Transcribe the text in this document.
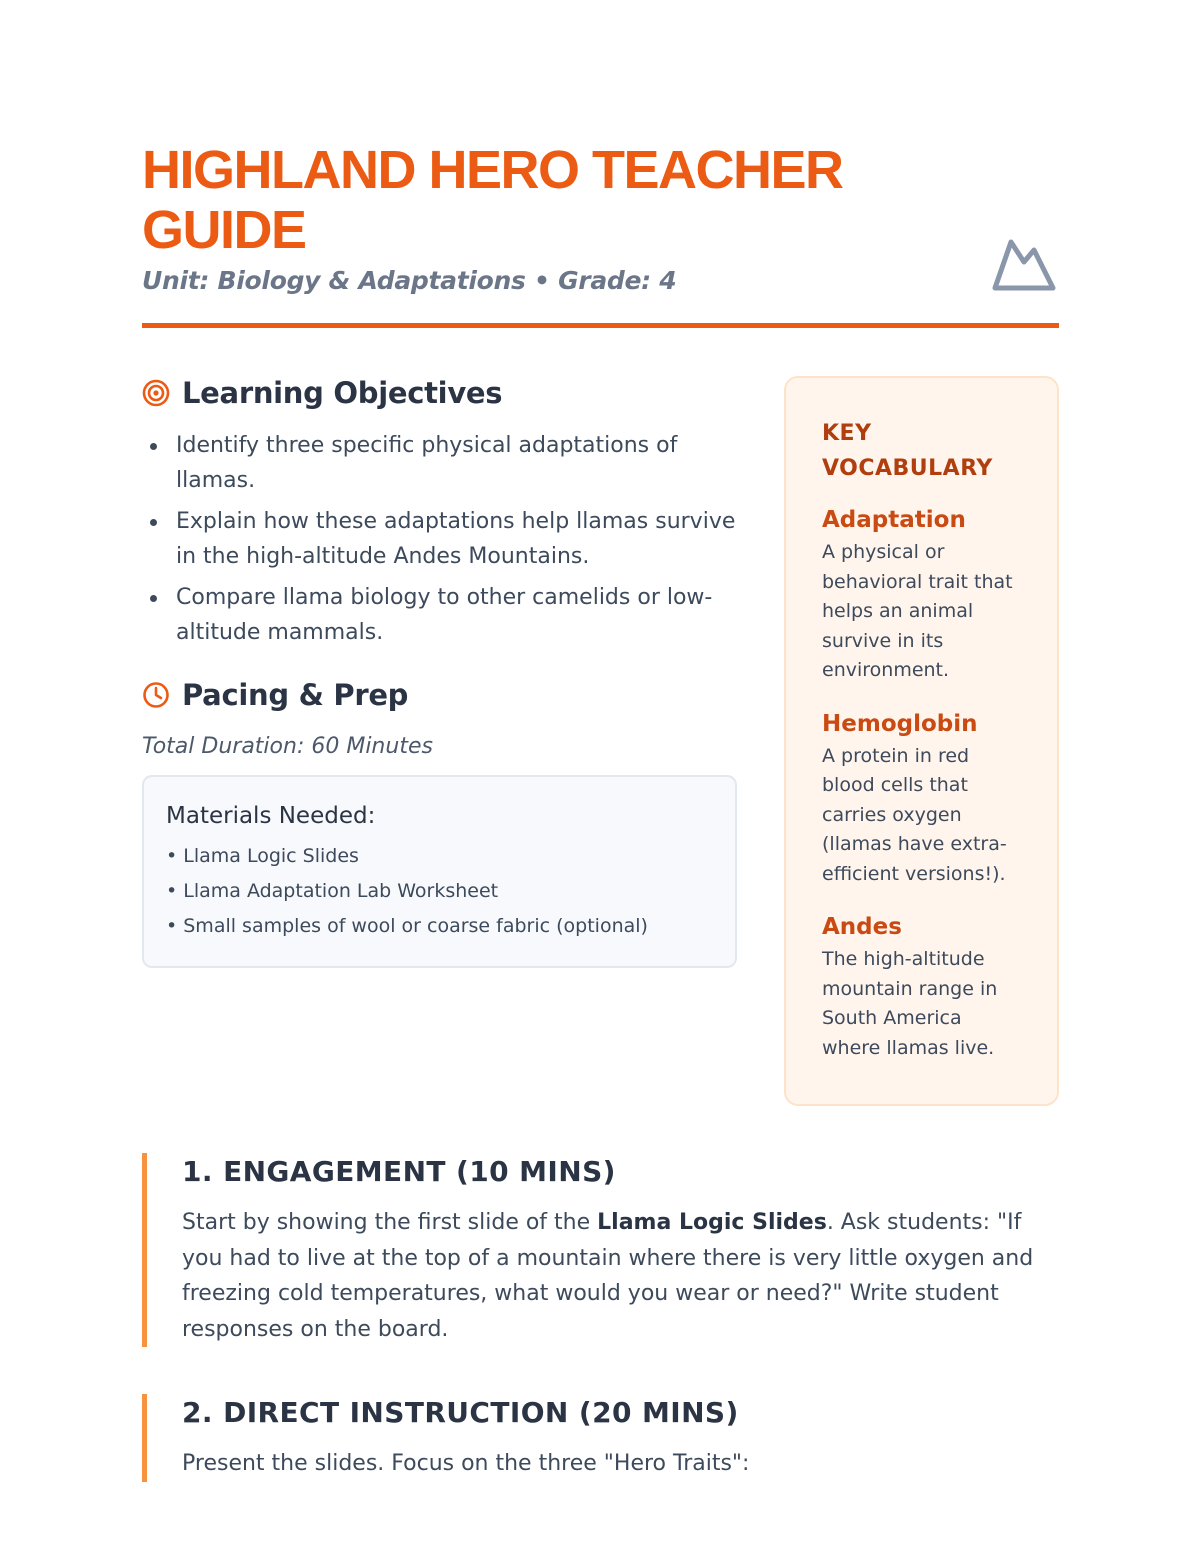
HIGHLAND HERO TEACHER GUIDE
Unit: Biology & Adaptations • Grade: 4
Learning Objectives
Identify three specific physical adaptations of llamas.
Explain how these adaptations help llamas survive in the high-altitude Andes Mountains.
Compare llama biology to other camelids or low-altitude mammals.
Pacing & Prep
Total Duration: 60 Minutes
Materials Needed:
• Llama Logic Slides
• Llama Adaptation Lab Worksheet
• Small samples of wool or coarse fabric (optional)
KEY VOCABULARY
Adaptation
A physical or behavioral trait that helps an animal survive in its environment.
Hemoglobin
A protein in red blood cells that carries oxygen (llamas have extra-efficient versions!).
Andes
The high-altitude mountain range in South America where llamas live.
1. ENGAGEMENT (10 MINS)

Start by showing the first slide of the Llama Logic Slides. Ask students: "If you had to live at the top of a mountain where there is very little oxygen and freezing cold temperatures, what would you wear or need?" Write student responses on the board.

2. DIRECT INSTRUCTION (20 MINS)

Present the slides. Focus on the three "Hero Traits":
